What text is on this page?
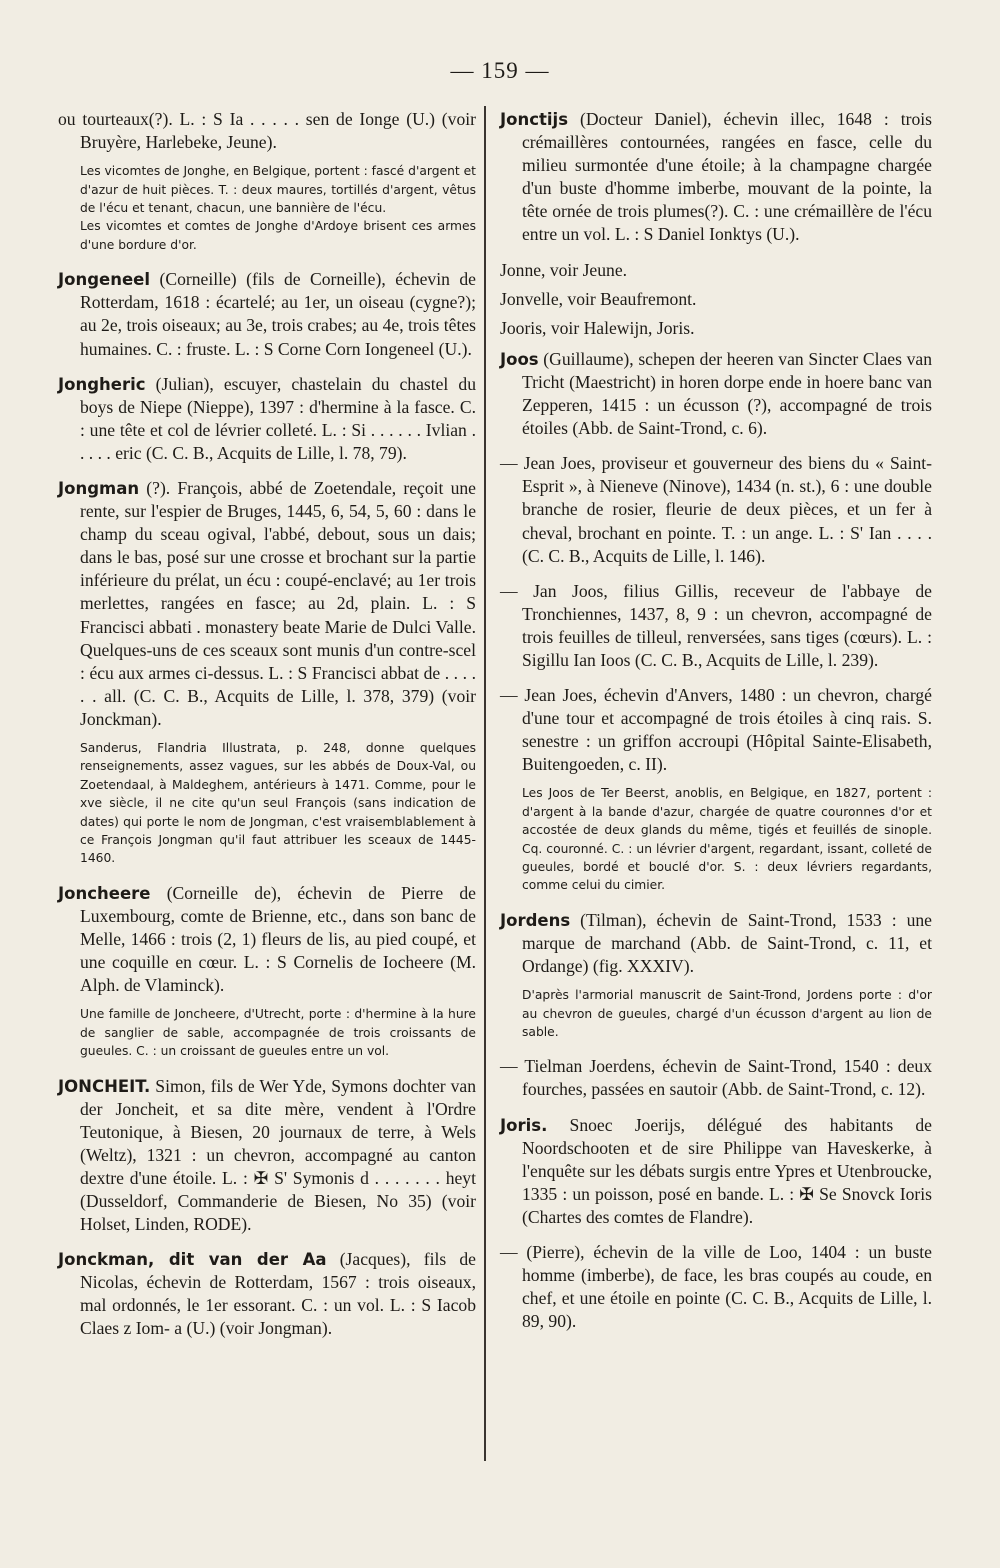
— 159 —

ou tourteaux(?). L. : S Ia . . . . . sen de Ionge (U.) (voir Bruyère, Harlebeke, Jeune).

Les vicomtes de Jonghe, en Belgique, portent : fascé d'argent et d'azur de huit pièces. T. : deux maures, tortillés d'argent, vêtus de l'écu et tenant, chacun, une bannière de l'écu.

Les vicomtes et comtes de Jonghe d'Ardoye brisent ces armes d'une bordure d'or.

Jongeneel (Corneille) (fils de Corneille), échevin de Rotterdam, 1618 : écartelé; au 1er, un oiseau (cygne?); au 2e, trois oiseaux; au 3e, trois crabes; au 4e, trois têtes humaines. C. : fruste. L. : S Corne Corn Iongeneel (U.).

Jongheric (Julian), escuyer, chastelain du chastel du boys de Niepe (Nieppe), 1397 : d'hermine à la fasce. C. : une tête et col de lévrier colleté. L. : Si . . . . . . Ivlian . . . . . eric (C. C. B., Acquits de Lille, l. 78, 79).

Jongman (?). François, abbé de Zoetendale, reçoit une rente, sur l'espier de Bruges, 1445, 6, 54, 5, 60 : dans le champ du sceau ogival, l'abbé, debout, sous un dais; dans le bas, posé sur une crosse et brochant sur la partie inférieure du prélat, un écu : coupé-enclavé; au 1er trois merlettes, rangées en fasce; au 2d, plain. L. : S Francisci abbati . monastery beate Marie de Dulci Valle. Quelques-uns de ces sceaux sont munis d'un contre-scel : écu aux armes ci-dessus. L. : S Francisci abbat de . . . . . . all. (C. C. B., Acquits de Lille, l. 378, 379) (voir Jonckman).

Sanderus, Flandria Illustrata, p. 248, donne quelques renseignements, assez vagues, sur les abbés de Doux-Val, ou Zoetendaal, à Maldeghem, antérieurs à 1471. Comme, pour le xve siècle, il ne cite qu'un seul François (sans indication de dates) qui porte le nom de Jongman, c'est vraisemblablement à ce François Jongman qu'il faut attribuer les sceaux de 1445-1460.

Joncheere (Corneille de), échevin de Pierre de Luxembourg, comte de Brienne, etc., dans son banc de Melle, 1466 : trois (2, 1) fleurs de lis, au pied coupé, et une coquille en cœur. L. : S Cornelis de Iocheere (M. Alph. de Vlaminck).

Une famille de Joncheere, d'Utrecht, porte : d'hermine à la hure de sanglier de sable, accompagnée de trois croissants de gueules. C. : un croissant de gueules entre un vol.

JONCHEIT. Simon, fils de Wer Yde, Symons dochter van der Joncheit, et sa dite mère, vendent à l'Ordre Teutonique, à Biesen, 20 journaux de terre, à Wels (Weltz), 1321 : un chevron, accompagné au canton dextre d'une étoile. L. : ✠ S' Symonis d . . . . . . . heyt (Dusseldorf, Commanderie de Biesen, No 35) (voir Holset, Linden, RODE).

Jonckman, dit van der Aa (Jacques), fils de Nicolas, échevin de Rotterdam, 1567 : trois oiseaux, mal ordonnés, le 1er essorant. C. : un vol. L. : S Iacob Claes z Iom- a (U.) (voir Jongman).

Jonctijs (Docteur Daniel), échevin illec, 1648 : trois crémaillères contournées, rangées en fasce, celle du milieu surmontée d'une étoile; à la champagne chargée d'un buste d'homme imberbe, mouvant de la pointe, la tête ornée de trois plumes(?). C. : une crémaillère de l'écu entre un vol. L. : S Daniel Ionktys (U.).

Jonne, voir Jeune.

Jonvelle, voir Beaufremont.

Jooris, voir Halewijn, Joris.

Joos (Guillaume), schepen der heeren van Sincter Claes van Tricht (Maestricht) in horen dorpe ende in hoere banc van Zepperen, 1415 : un écusson (?), accompagné de trois étoiles (Abb. de Saint-Trond, c. 6).

— Jean Joes, proviseur et gouverneur des biens du « Saint-Esprit », à Nieneve (Ninove), 1434 (n. st.), 6 : une double branche de rosier, fleurie de deux pièces, et un fer à cheval, brochant en pointe. T. : un ange. L. : S' Ian . . . . (C. C. B., Acquits de Lille, l. 146).

— Jan Joos, filius Gillis, receveur de l'abbaye de Tronchiennes, 1437, 8, 9 : un chevron, accompagné de trois feuilles de tilleul, renversées, sans tiges (cœurs). L. : Sigillu Ian Ioos (C. C. B., Acquits de Lille, l. 239).

— Jean Joes, échevin d'Anvers, 1480 : un chevron, chargé d'une tour et accompagné de trois étoiles à cinq rais. S. senestre : un griffon accroupi (Hôpital Sainte-Elisabeth, Buitengoeden, c. II).

Les Joos de Ter Beerst, anoblis, en Belgique, en 1827, portent : d'argent à la bande d'azur, chargée de quatre couronnes d'or et accostée de deux glands du même, tigés et feuillés de sinople. Cq. couronné. C. : un lévrier d'argent, regardant, issant, colleté de gueules, bordé et bouclé d'or. S. : deux lévriers regardants, comme celui du cimier.

Jordens (Tilman), échevin de Saint-Trond, 1533 : une marque de marchand (Abb. de Saint-Trond, c. 11, et Ordange) (fig. XXXIV).

D'après l'armorial manuscrit de Saint-Trond, Jordens porte : d'or au chevron de gueules, chargé d'un écusson d'argent au lion de sable.

— Tielman Joerdens, échevin de Saint-Trond, 1540 : deux fourches, passées en sautoir (Abb. de Saint-Trond, c. 12).

Joris. Snoec Joerijs, délégué des habitants de Noordschooten et de sire Philippe van Haveskerke, à l'enquête sur les débats surgis entre Ypres et Utenbroucke, 1335 : un poisson, posé en bande. L. : ✠ Se Snovck Ioris (Chartes des comtes de Flandre).

— (Pierre), échevin de la ville de Loo, 1404 : un buste homme (imberbe), de face, les bras coupés au coude, en chef, et une étoile en pointe (C. C. B., Acquits de Lille, l. 89, 90).
